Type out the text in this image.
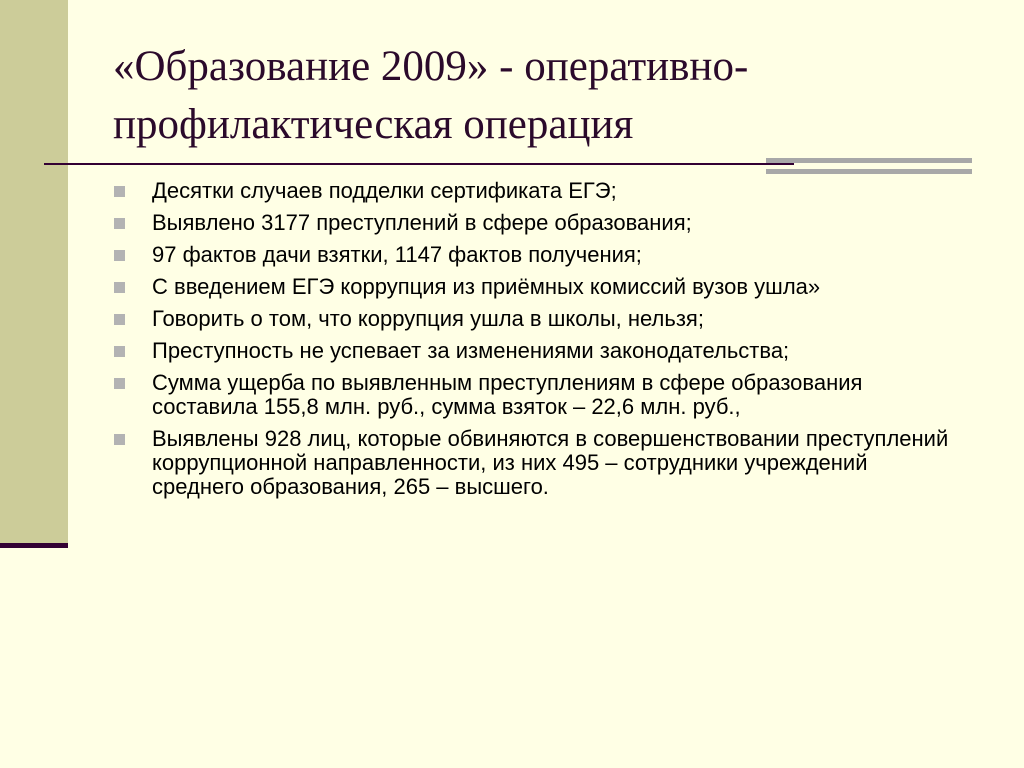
«Образование 2009» - оперативно-профилактическая операция
Десятки случаев подделки сертификата ЕГЭ;
Выявлено 3177 преступлений в сфере образования;
97 фактов дачи взятки, 1147 фактов получения;
С введением ЕГЭ коррупция из приёмных комиссий вузов ушла»
Говорить о том, что коррупция ушла в школы, нельзя;
Преступность не успевает за изменениями законодательства;
Сумма ущерба по выявленным преступлениям в сфере образования составила 155,8 млн. руб., сумма взяток – 22,6 млн. руб.,
Выявлены 928 лиц, которые обвиняются в совершенствовании преступлений коррупционной направленности, из них 495 – сотрудники учреждений среднего образования, 265 – высшего.
